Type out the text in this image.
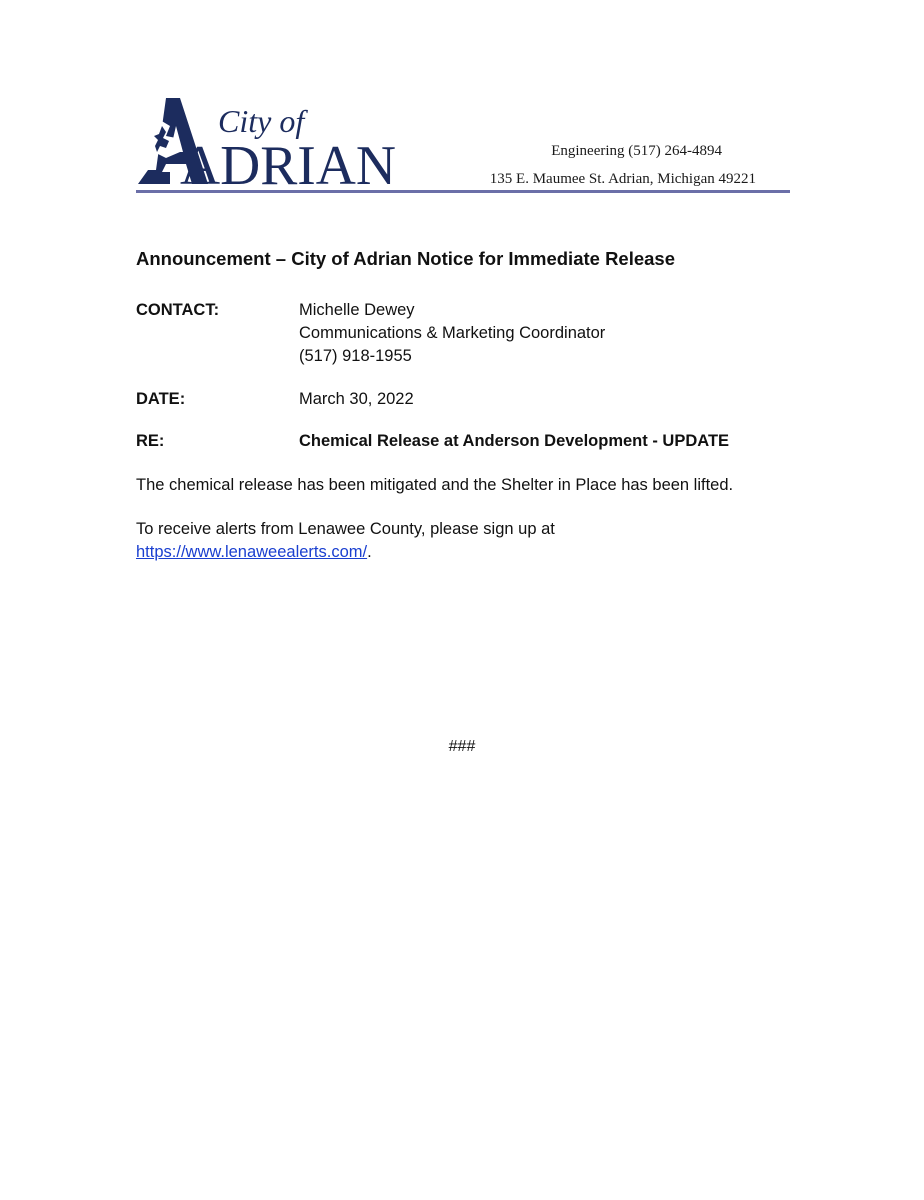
City of
ADRIAN	Engineering (517) 264-4894
135 E. Maumee St. Adrian, Michigan 49221
Announcement – City of Adrian Notice for Immediate Release
CONTACT:	Michelle Dewey
Communications & Marketing Coordinator
(517) 918-1955
DATE:	March 30, 2022
RE:	Chemical Release at Anderson Development - UPDATE
The chemical release has been mitigated and the Shelter in Place has been lifted.
To receive alerts from Lenawee County, please sign up at
https://www.lenaweealerts.com/.
###
